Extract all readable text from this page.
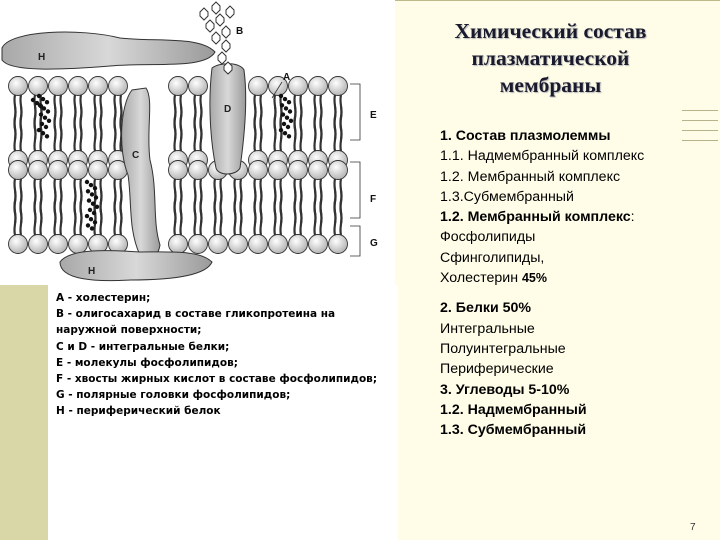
H
C
D
B
H
A
E
F
G
А - холестерин;
В - олигосахарид в составе гликопротеина на
наружной поверхности;
С и D - интегральные белки;
Е - молекулы фосфолипидов;
F - хвосты жирных кислот в составе фосфолипидов;
G - полярные головки фосфолипидов;
Н - периферический белок
Химический состав
плазматической
мембраны
1. Состав плазмолеммы
1.1. Надмембранный комплекс
1.2. Мембранный комплекс
1.3.Субмембранный
1.2. Мембранный комплекс:
Фосфолипиды
Сфинголипиды,
Холестерин 45%
2. Белки 50%
Интегральные
Полуинтегральные
Периферические
3. Углеводы 5-10%
1.2. Надмембранный
1.3. Субмембранный
7
